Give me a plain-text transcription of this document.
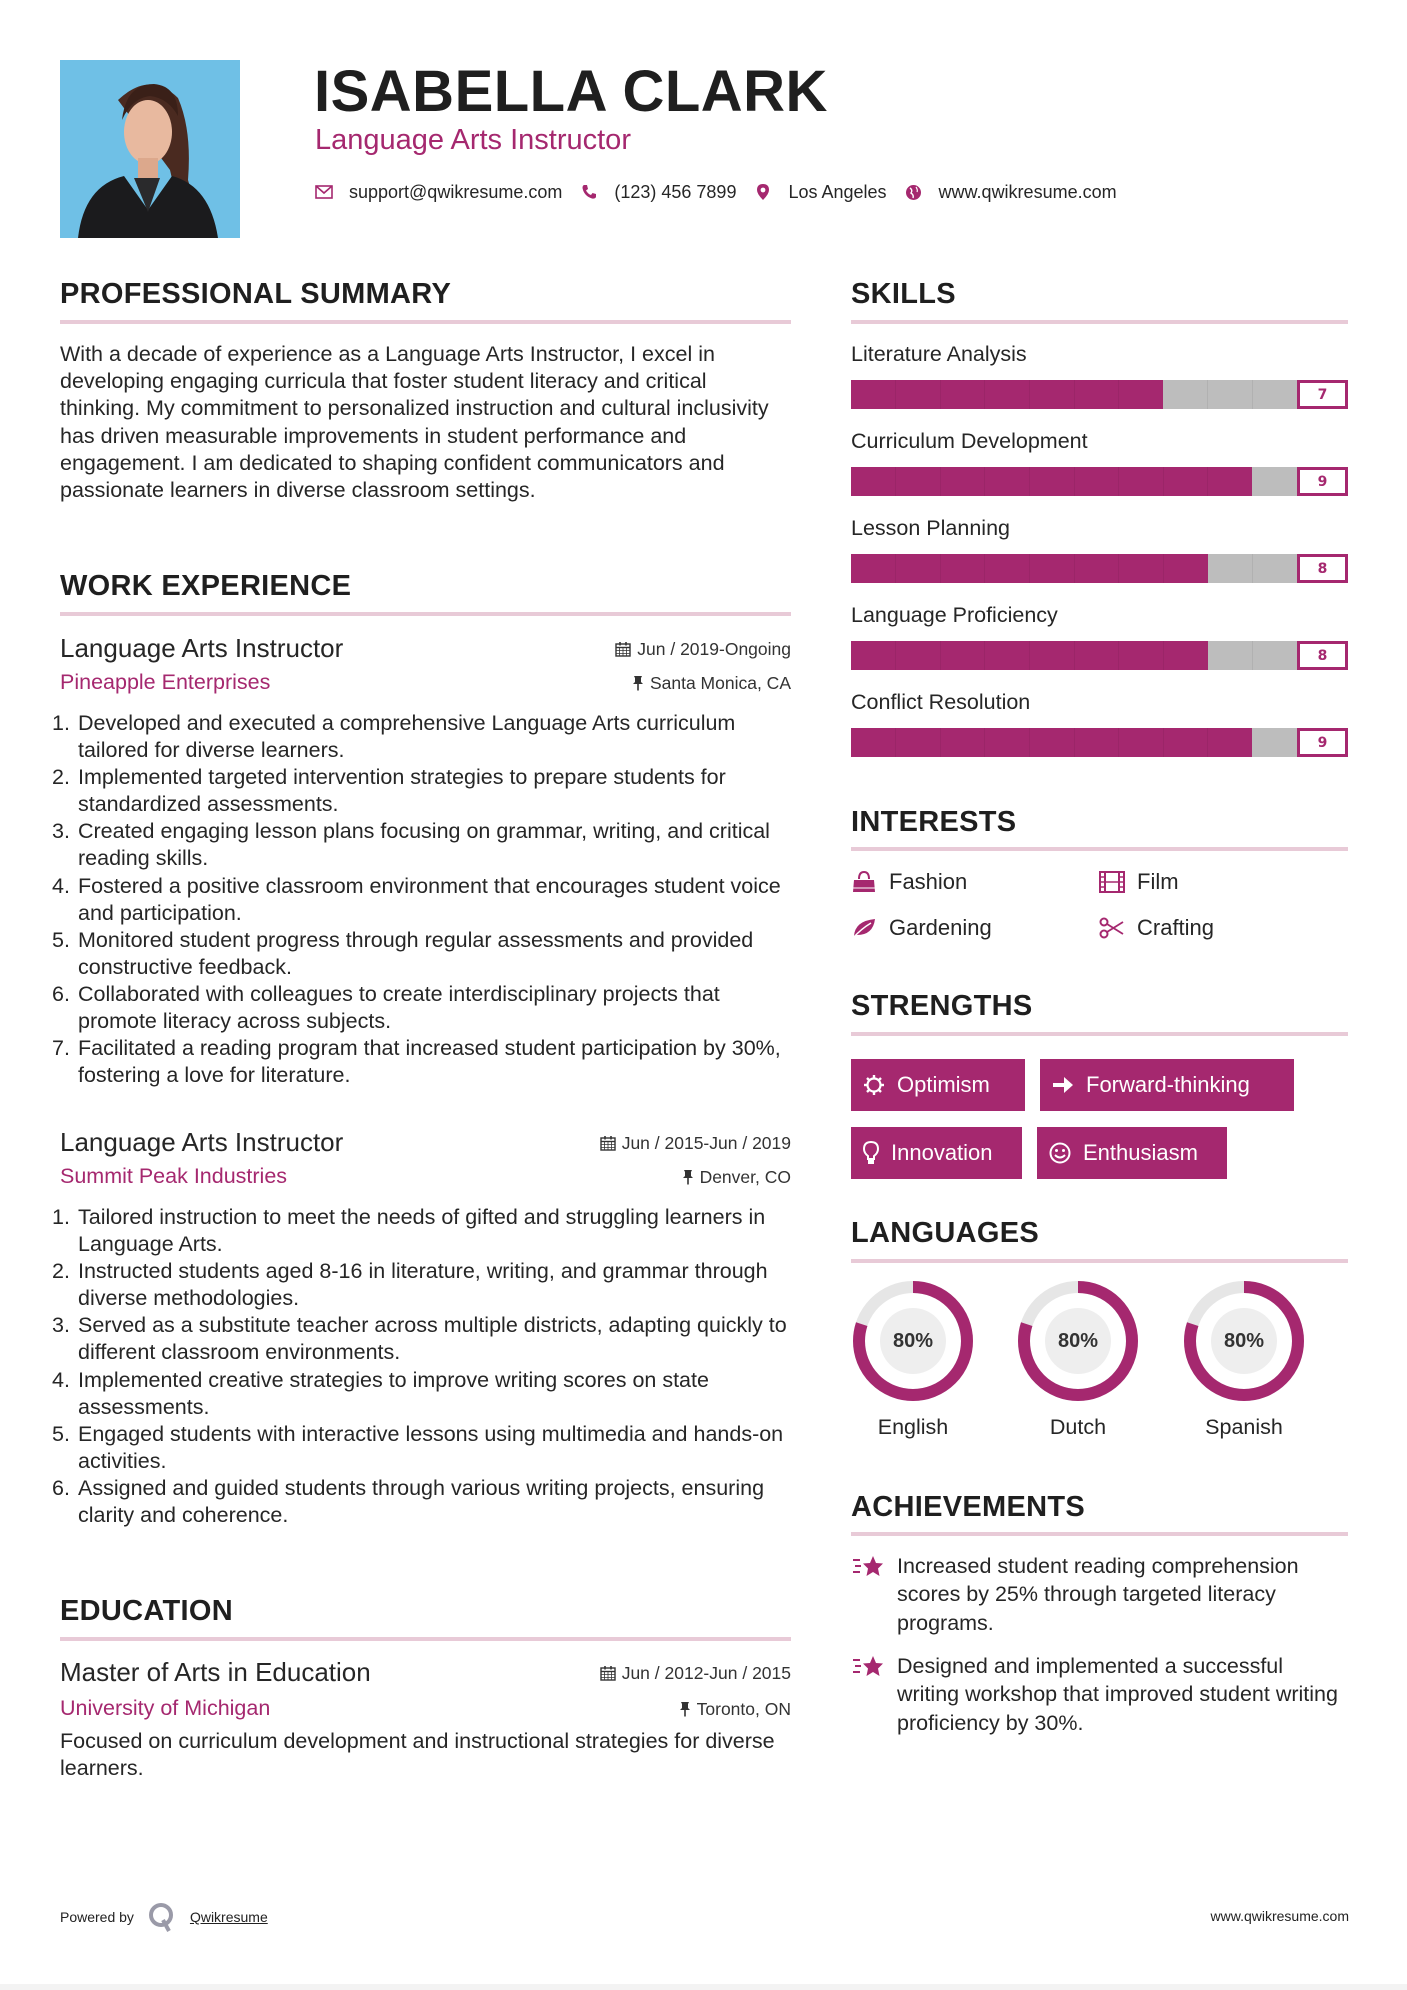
ISABELLA CLARK
Language Arts Instructor
support@qwikresume.com	(123) 456 7899	Los Angeles	www.qwikresume.com
PROFESSIONAL SUMMARY
With a decade of experience as a Language Arts Instructor, I excel in developing engaging curricula that foster student literacy and critical thinking. My commitment to personalized instruction and cultural inclusivity has driven measurable improvements in student performance and engagement. I am dedicated to shaping confident communicators and passionate learners in diverse classroom settings.
WORK EXPERIENCE
Language Arts Instructor	Jun / 2019-Ongoing
Pineapple Enterprises	Santa Monica, CA
1. Developed and executed a comprehensive Language Arts curriculum tailored for diverse learners.
2. Implemented targeted intervention strategies to prepare students for standardized assessments.
3. Created engaging lesson plans focusing on grammar, writing, and critical reading skills.
4. Fostered a positive classroom environment that encourages student voice and participation.
5. Monitored student progress through regular assessments and provided constructive feedback.
6. Collaborated with colleagues to create interdisciplinary projects that promote literacy across subjects.
7. Facilitated a reading program that increased student participation by 30%, fostering a love for literature.
Language Arts Instructor	Jun / 2015-Jun / 2019
Summit Peak Industries	Denver, CO
1. Tailored instruction to meet the needs of gifted and struggling learners in Language Arts.
2. Instructed students aged 8-16 in literature, writing, and grammar through diverse methodologies.
3. Served as a substitute teacher across multiple districts, adapting quickly to different classroom environments.
4. Implemented creative strategies to improve writing scores on state assessments.
5. Engaged students with interactive lessons using multimedia and hands-on activities.
6. Assigned and guided students through various writing projects, ensuring clarity and coherence.
EDUCATION
Master of Arts in Education	Jun / 2012-Jun / 2015
University of Michigan	Toronto, ON
Focused on curriculum development and instructional strategies for diverse learners.
SKILLS
Literature Analysis
7
Curriculum Development
9
Lesson Planning
8
Language Proficiency
8
Conflict Resolution
9
INTERESTS
Fashion	Film
Gardening	Crafting
STRENGTHS
Optimism	Forward-thinking
Innovation	Enthusiasm
LANGUAGES
80%
English
80%
Dutch
80%
Spanish
ACHIEVEMENTS
Increased student reading comprehension scores by 25% through targeted literacy programs.
Designed and implemented a successful writing workshop that improved student writing proficiency by 30%.
Powered by	Qwikresume	www.qwikresume.com
